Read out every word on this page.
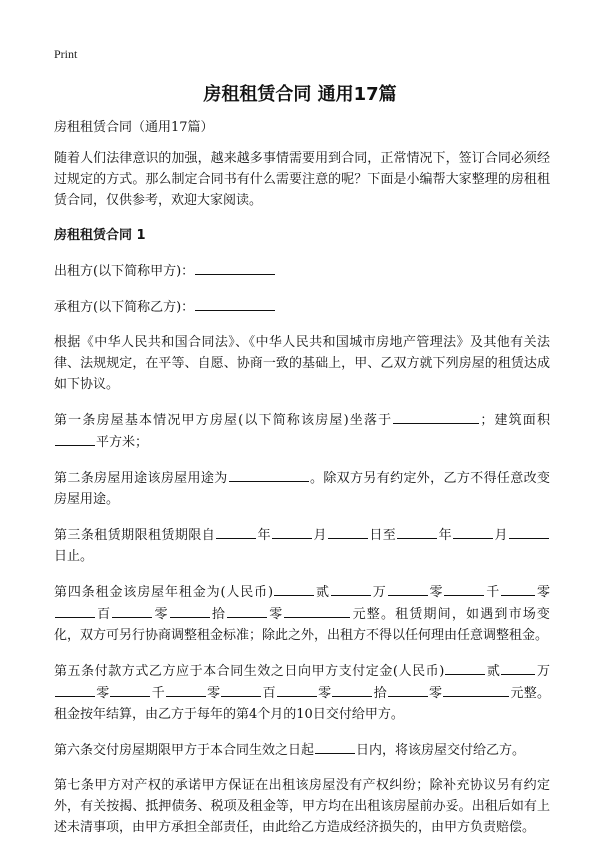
Print
房租租赁合同 通用17篇

房租租赁合同（通用17篇）

随着人们法律意识的加强，越来越多事情需要用到合同，正常情况下，签订合同必须经过规定的方式。那么制定合同书有什么需要注意的呢？下面是小编帮大家整理的房租租赁合同，仅供参考，欢迎大家阅读。

房租租赁合同 1

出租方(以下简称甲方)：

承租方(以下简称乙方)：

根据《中华人民共和国合同法》、《中华人民共和国城市房地产管理法》及其他有关法律、法规规定，在平等、自愿、协商一致的基础上，甲、乙双方就下列房屋的租赁达成如下协议。

第一条房屋基本情况甲方房屋(以下简称该房屋)坐落于	；建筑面积平方米；

第二条房屋用途该房屋用途为	。除双方另有约定外，乙方不得任意改变房屋用途。

第三条租赁期限租赁期限自	年	月	日至	年	月日止。

第四条租金该房屋年租金为(人民币)	贰	万	零	千	零百	零	拾	零	元整。租赁期间，如遇到市场变化，双方可另行协商调整租金标准；除此之外，出租方不得以任何理由任意调整租金。

第五条付款方式乙方应于本合同生效之日向甲方支付定金(人民币)	贰	万零	千	零	百	零	拾	零	元整。租金按年结算，由乙方于每年的第4个月的10日交付给甲方。

第六条交付房屋期限甲方于本合同生效之日起	日内，将该房屋交付给乙方。

第七条甲方对产权的承诺甲方保证在出租该房屋没有产权纠纷；除补充协议另有约定外，有关按揭、抵押债务、税项及租金等，甲方均在出租该房屋前办妥。出租后如有上述未清事项，由甲方承担全部责任，由此给乙方造成经济损失的，由甲方负责赔偿。
